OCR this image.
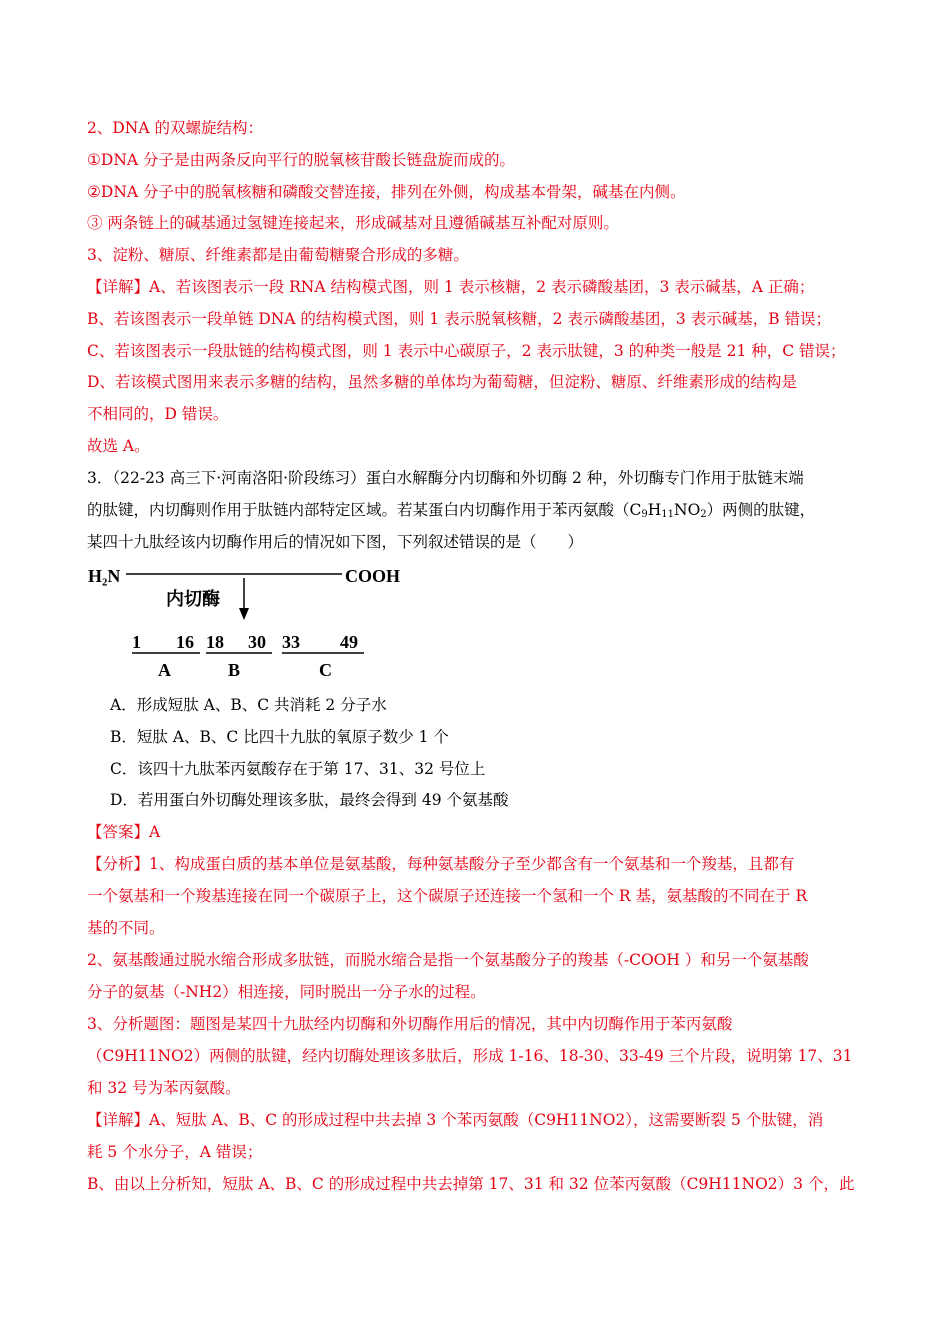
2、DNA 的双螺旋结构：
①DNA 分子是由两条反向平行的脱氧核苷酸长链盘旋而成的。
②DNA 分子中的脱氧核糖和磷酸交替连接，排列在外侧，构成基本骨架，碱基在内侧。
③ 两条链上的碱基通过氢键连接起来，形成碱基对且遵循碱基互补配对原则。
3、淀粉、糖原、纤维素都是由葡萄糖聚合形成的多糖。
【详解】A、若该图表示一段 RNA 结构模式图，则 1 表示核糖，2 表示磷酸基团，3 表示碱基，A 正确；
B、若该图表示一段单链 DNA 的结构模式图，则 1 表示脱氧核糖，2 表示磷酸基团，3 表示碱基，B 错误；
C、若该图表示一段肽链的结构模式图，则 1 表示中心碳原子，2 表示肽键，3 的种类一般是 21 种，C 错误；
D、若该模式图用来表示多糖的结构，虽然多糖的单体均为葡萄糖，但淀粉、糖原、纤维素形成的结构是
不相同的，D 错误。
故选 A。
3．（22-23 高三下·河南洛阳·阶段练习）蛋白水解酶分内切酶和外切酶 2 种，外切酶专门作用于肽链末端
的肽键，内切酶则作用于肽链内部特定区域。若某蛋白内切酶作用于苯丙氨酸$(C_9H_{11}NO_2)$两侧的肽键，
某四十九肽经该内切酶作用后的情况如下图，下列叙述错误的是（　　）
H₂N	COOH
内切酶
1 16
A
18 30
B
33 49
C
A．形成短肽 A、B、C 共消耗 2 分子水
B．短肽 A、B、C 比四十九肽的氧原子数少 1 个
C．该四十九肽苯丙氨酸存在于第 17、31、32 号位上
D．若用蛋白外切酶处理该多肽，最终会得到 49 个氨基酸
【答案】A
【分析】1、构成蛋白质的基本单位是氨基酸，每种氨基酸分子至少都含有一个氨基和一个羧基，且都有
一个氨基和一个羧基连接在同一个碳原子上，这个碳原子还连接一个氢和一个 R 基，氨基酸的不同在于 R
基的不同。
2、氨基酸通过脱水缩合形成多肽链，而脱水缩合是指一个氨基酸分子的羧基（-COOH ）和另一个氨基酸
分子的氨基（-NH2）相连接，同时脱出一分子水的过程。
3、分析题图：题图是某四十九肽经内切酶和外切酶作用后的情况，其中内切酶作用于苯丙氨酸
（C9H11NO2）两侧的肽键，经内切酶处理该多肽后，形成 1-16、18-30、33-49 三个片段，说明第 17、31
和 32 号为苯丙氨酸。
【详解】A、短肽 A、B、C 的形成过程中共去掉 3 个苯丙氨酸（C9H11NO2），这需要断裂 5 个肽键，消
耗 5 个水分子，A 错误；
B、由以上分析知，短肽 A、B、C 的形成过程中共去掉第 17、31 和 32 位苯丙氨酸（C9H11NO2）3 个，此
